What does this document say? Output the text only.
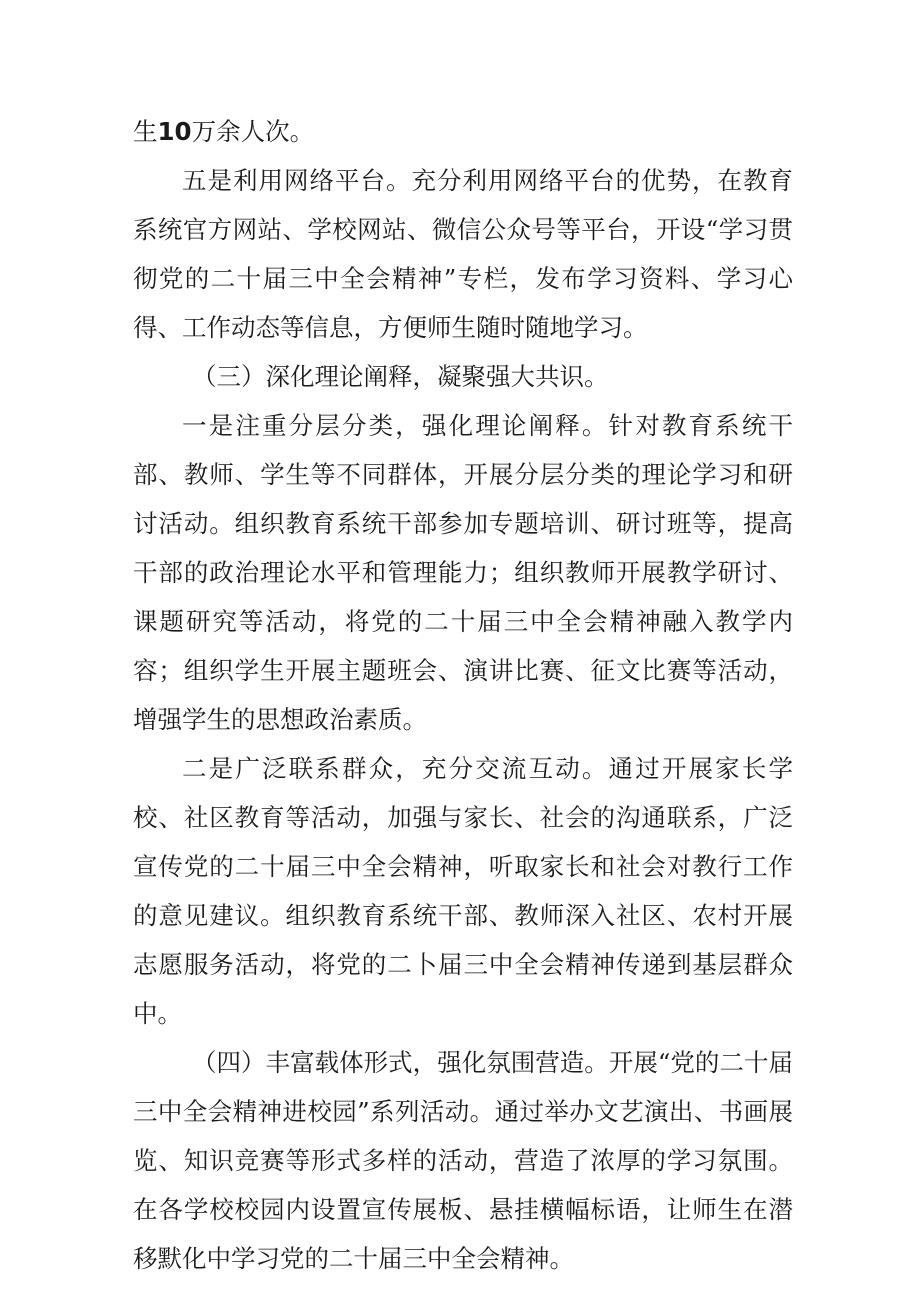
生10万余人次。

五是利用网络平台。充分利用网络平台的优势，在教育系统官方网站、学校网站、微信公众号等平台，开设“学习贯彻党的二十届三中全会精神”专栏，发布学习资料、学习心得、工作动态等信息，方便师生随时随地学习。

（三）深化理论阐释，凝聚强大共识。

一是注重分层分类，强化理论阐释。针对教育系统干部、教师、学生等不同群体，开展分层分类的理论学习和研讨活动。组织教育系统干部参加专题培训、研讨班等，提高干部的政治理论水平和管理能力；组织教师开展教学研讨、课题研究等活动，将党的二十届三中全会精神融入教学内容；组织学生开展主题班会、演讲比赛、征文比赛等活动，增强学生的思想政治素质。

二是广泛联系群众，充分交流互动。通过开展家长学校、社区教育等活动，加强与家长、社会的沟通联系，广泛宣传党的二十届三中全会精神，听取家长和社会对教行工作的意见建议。组织教育系统干部、教师深入社区、农村开展志愿服务活动，将党的二卜届三中全会精神传递到基层群众中。

（四）丰富载体形式，强化氛围营造。开展“党的二十届三中全会精神进校园”系列活动。通过举办文艺演出、书画展览、知识竞赛等形式多样的活动，营造了浓厚的学习氛围。在各学校校园内设置宣传展板、悬挂横幅标语，让师生在潜移默化中学习党的二十届三中全会精神。
